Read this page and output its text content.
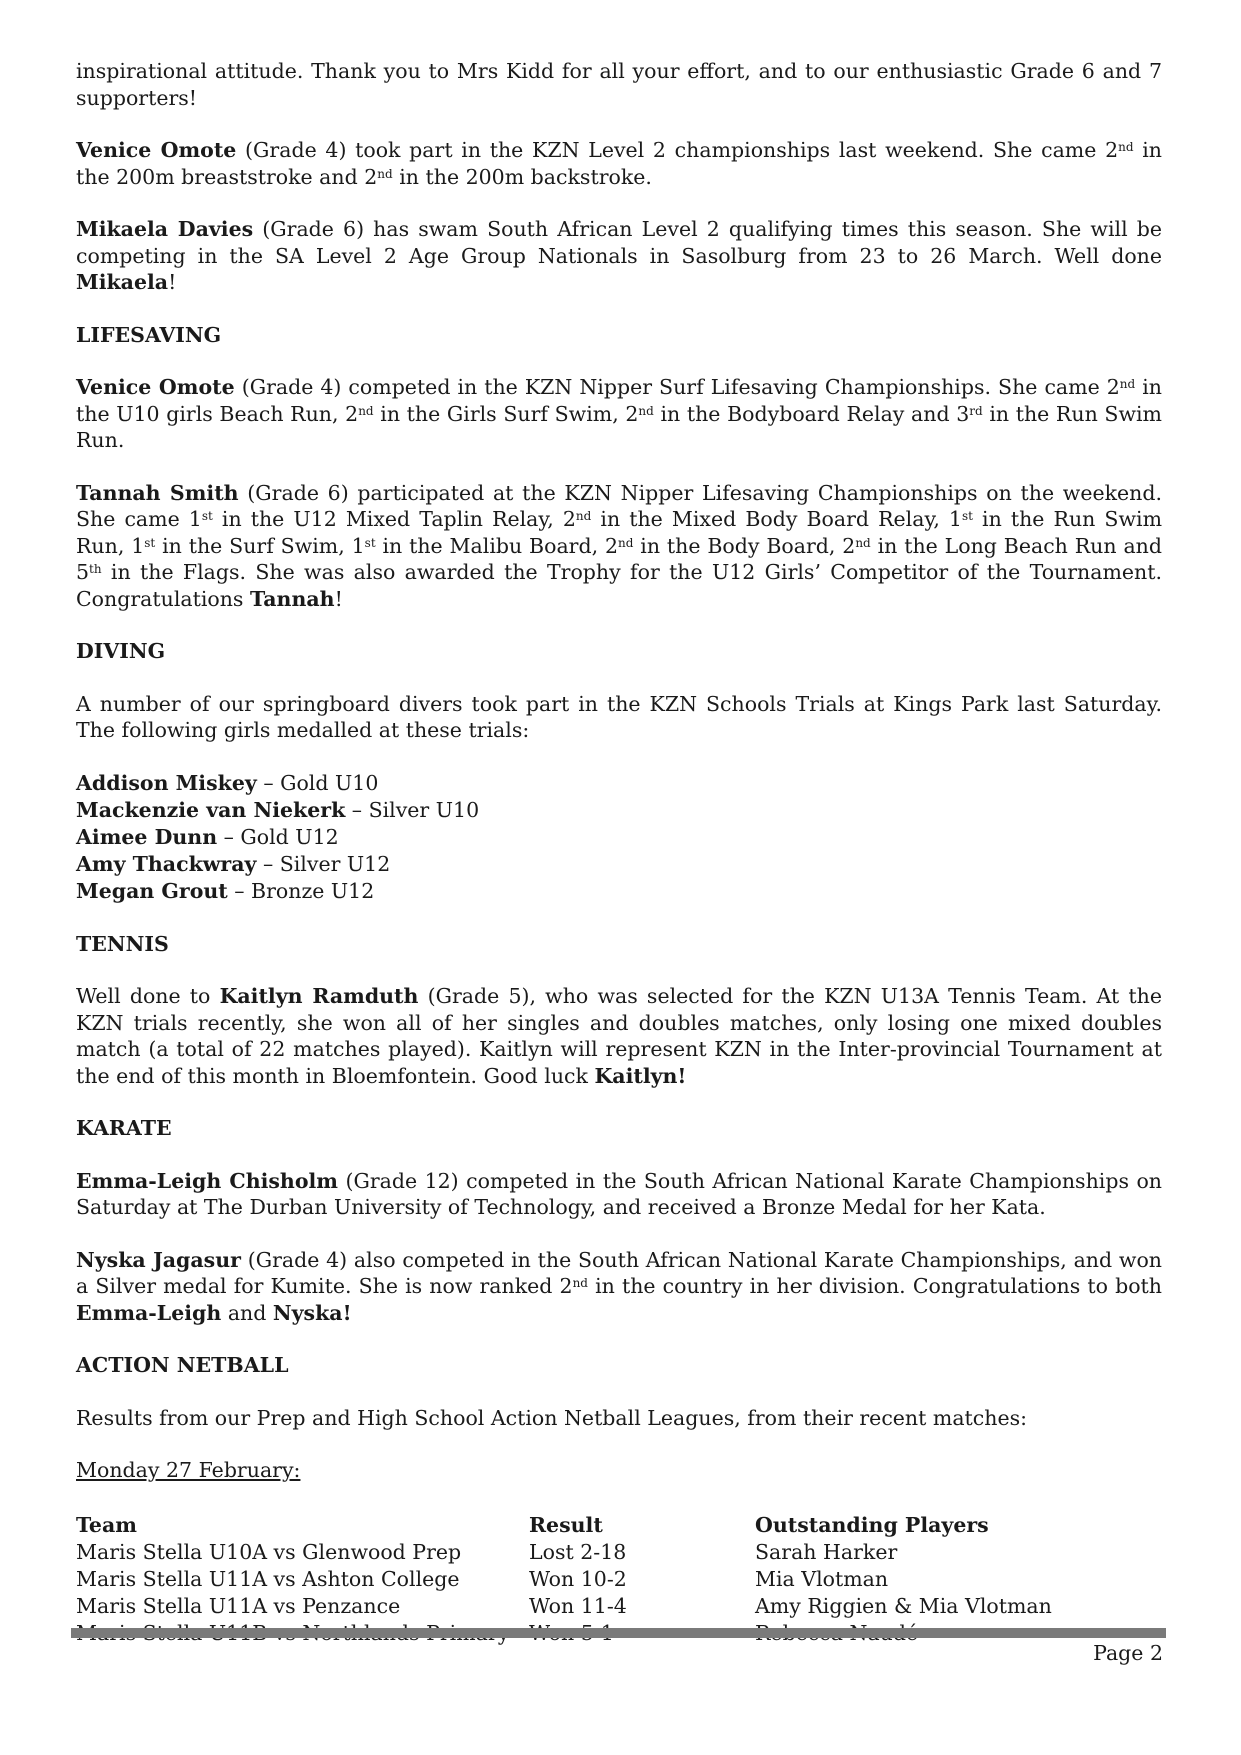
inspirational attitude. Thank you to Mrs Kidd for all your effort, and to our enthusiastic Grade 6 and 7 supporters!

Venice Omote (Grade 4) took part in the KZN Level 2 championships last weekend. She came 2nd in the 200m breaststroke and 2nd in the 200m backstroke.

Mikaela Davies (Grade 6) has swam South African Level 2 qualifying times this season. She will be competing in the SA Level 2 Age Group Nationals in Sasolburg from 23 to 26 March. Well done Mikaela!

LIFESAVING

Venice Omote (Grade 4) competed in the KZN Nipper Surf Lifesaving Championships. She came 2nd in the U10 girls Beach Run, 2nd in the Girls Surf Swim, 2nd in the Bodyboard Relay and 3rd in the Run Swim Run.

Tannah Smith (Grade 6) participated at the KZN Nipper Lifesaving Championships on the weekend. She came 1st in the U12 Mixed Taplin Relay, 2nd in the Mixed Body Board Relay, 1st in the Run Swim Run, 1st in the Surf Swim, 1st in the Malibu Board, 2nd in the Body Board, 2nd in the Long Beach Run and 5th in the Flags. She was also awarded the Trophy for the U12 Girls’ Competitor of the Tournament. Congratulations Tannah!

DIVING

A number of our springboard divers took part in the KZN Schools Trials at Kings Park last Saturday. The following girls medalled at these trials:

Addison Miskey – Gold U10
Mackenzie van Niekerk – Silver U10
Aimee Dunn – Gold U12
Amy Thackwray – Silver U12
Megan Grout – Bronze U12
TENNIS

Well done to Kaitlyn Ramduth (Grade 5), who was selected for the KZN U13A Tennis Team. At the KZN trials recently, she won all of her singles and doubles matches, only losing one mixed doubles match (a total of 22 matches played). Kaitlyn will represent KZN in the Inter-provincial Tournament at the end of this month in Bloemfontein. Good luck Kaitlyn!

KARATE

Emma-Leigh Chisholm (Grade 12) competed in the South African National Karate Championships on Saturday at The Durban University of Technology, and received a Bronze Medal for her Kata.

Nyska Jagasur (Grade 4) also competed in the South African National Karate Championships, and won a Silver medal for Kumite. She is now ranked 2nd in the country in her division. Congratulations to both Emma-Leigh and Nyska!

ACTION NETBALL

Results from our Prep and High School Action Netball Leagues, from their recent matches:

Monday 27 February:
Team	Result	Outstanding Players
Maris Stella U10A vs Glenwood Prep	Lost 2-18	Sarah Harker
Maris Stella U11A vs Ashton College	Won 10-2	Mia Vlotman
Maris Stella U11A vs Penzance	Won 11-4	Amy Riggien & Mia Vlotman

Page 2
